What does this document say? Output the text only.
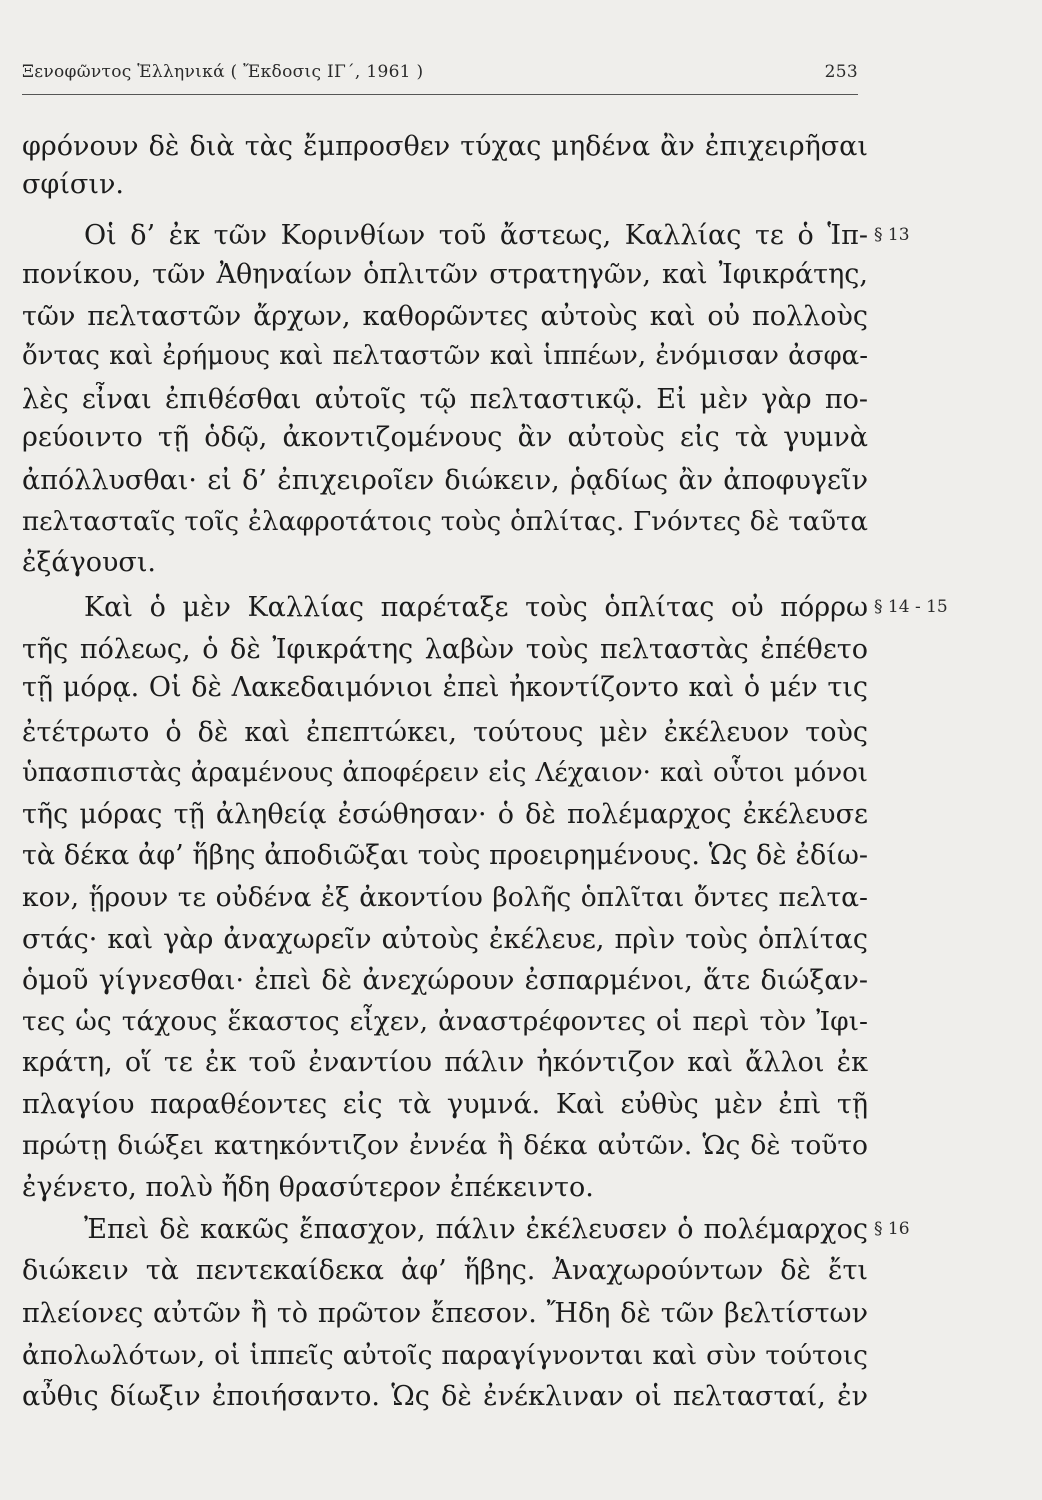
Ξενοφῶντος Ἑλληνικά ( Ἔκδοσις ΙΓ΄, 1961 )	253
φρόνουν δὲ διὰ τὰς ἔμπροσθεν τύχας μηδένα ἂν ἐπιχειρῆσαι
σφίσιν.
Οἱ δ’ ἐκ τῶν Κορινθίων τοῦ ἄστεως, Καλλίας τε ὁ Ἱπ-
πονίκου, τῶν Ἀθηναίων ὁπλιτῶν στρατηγῶν, καὶ Ἰφικράτης,
τῶν πελταστῶν ἄρχων, καθορῶντες αὐτοὺς καὶ οὐ πολλοὺς
ὄντας καὶ ἐρήμους καὶ πελταστῶν καὶ ἱππέων, ἐνόμισαν ἀσφα-
λὲς εἶναι ἐπιθέσθαι αὐτοῖς τῷ πελταστικῷ. Εἰ μὲν γὰρ πο-
ρεύοιντο τῇ ὁδῷ, ἀκοντιζομένους ἂν αὐτοὺς εἰς τὰ γυμνὰ
ἀπόλλυσθαι· εἰ δ’ ἐπιχειροῖεν διώκειν, ῥᾳδίως ἂν ἀποφυγεῖν
πελτασταῖς τοῖς ἐλαφροτάτοις τοὺς ὁπλίτας. Γνόντες δὲ ταῦτα
ἐξάγουσι.
Καὶ ὁ μὲν Καλλίας παρέταξε τοὺς ὁπλίτας οὐ πόρρω
τῆς πόλεως, ὁ δὲ Ἰφικράτης λαβὼν τοὺς πελταστὰς ἐπέθετο
τῇ μόρᾳ. Οἱ δὲ Λακεδαιμόνιοι ἐπεὶ ἠκοντίζοντο καὶ ὁ μέν τις
ἐτέτρωτο ὁ δὲ καὶ ἐπεπτώκει, τούτους μὲν ἐκέλευον τοὺς
ὑπασπιστὰς ἀραμένους ἀποφέρειν εἰς Λέχαιον· καὶ οὗτοι μόνοι
τῆς μόρας τῇ ἀληθείᾳ ἐσώθησαν· ὁ δὲ πολέμαρχος ἐκέλευσε
τὰ δέκα ἀφ’ ἥβης ἀποδιῶξαι τοὺς προειρημένους. Ὡς δὲ ἐδίω-
κον, ᾕρουν τε οὐδένα ἐξ ἀκοντίου βολῆς ὁπλῖται ὄντες πελτα-
στάς· καὶ γὰρ ἀναχωρεῖν αὐτοὺς ἐκέλευε, πρὶν τοὺς ὁπλίτας
ὁμοῦ γίγνεσθαι· ἐπεὶ δὲ ἀνεχώρουν ἐσπαρμένοι, ἅτε διώξαν-
τες ὡς τάχους ἕκαστος εἶχεν, ἀναστρέφοντες οἱ περὶ τὸν Ἰφι-
κράτη, οἵ τε ἐκ τοῦ ἐναντίου πάλιν ἠκόντιζον καὶ ἄλλοι ἐκ
πλαγίου παραθέοντες εἰς τὰ γυμνά. Καὶ εὐθὺς μὲν ἐπὶ τῇ
πρώτῃ διώξει κατηκόντιζον ἐννέα ἢ δέκα αὐτῶν. Ὡς δὲ τοῦτο
ἐγένετο, πολὺ ἤδη θρασύτερον ἐπέκειντο.
Ἐπεὶ δὲ κακῶς ἔπασχον, πάλιν ἐκέλευσεν ὁ πολέμαρχος
διώκειν τὰ πεντεκαίδεκα ἀφ’ ἥβης. Ἀναχωρούντων δὲ ἔτι
πλείονες αὐτῶν ἢ τὸ πρῶτον ἔπεσον. Ἤδη δὲ τῶν βελτίστων
ἀπολωλότων, οἱ ἱππεῖς αὐτοῖς παραγίγνονται καὶ σὺν τούτοις
αὖθις δίωξιν ἐποιήσαντο. Ὡς δὲ ἐνέκλιναν οἱ πελτασταί, ἐν
§ 13
§ 14 - 15
§ 16
